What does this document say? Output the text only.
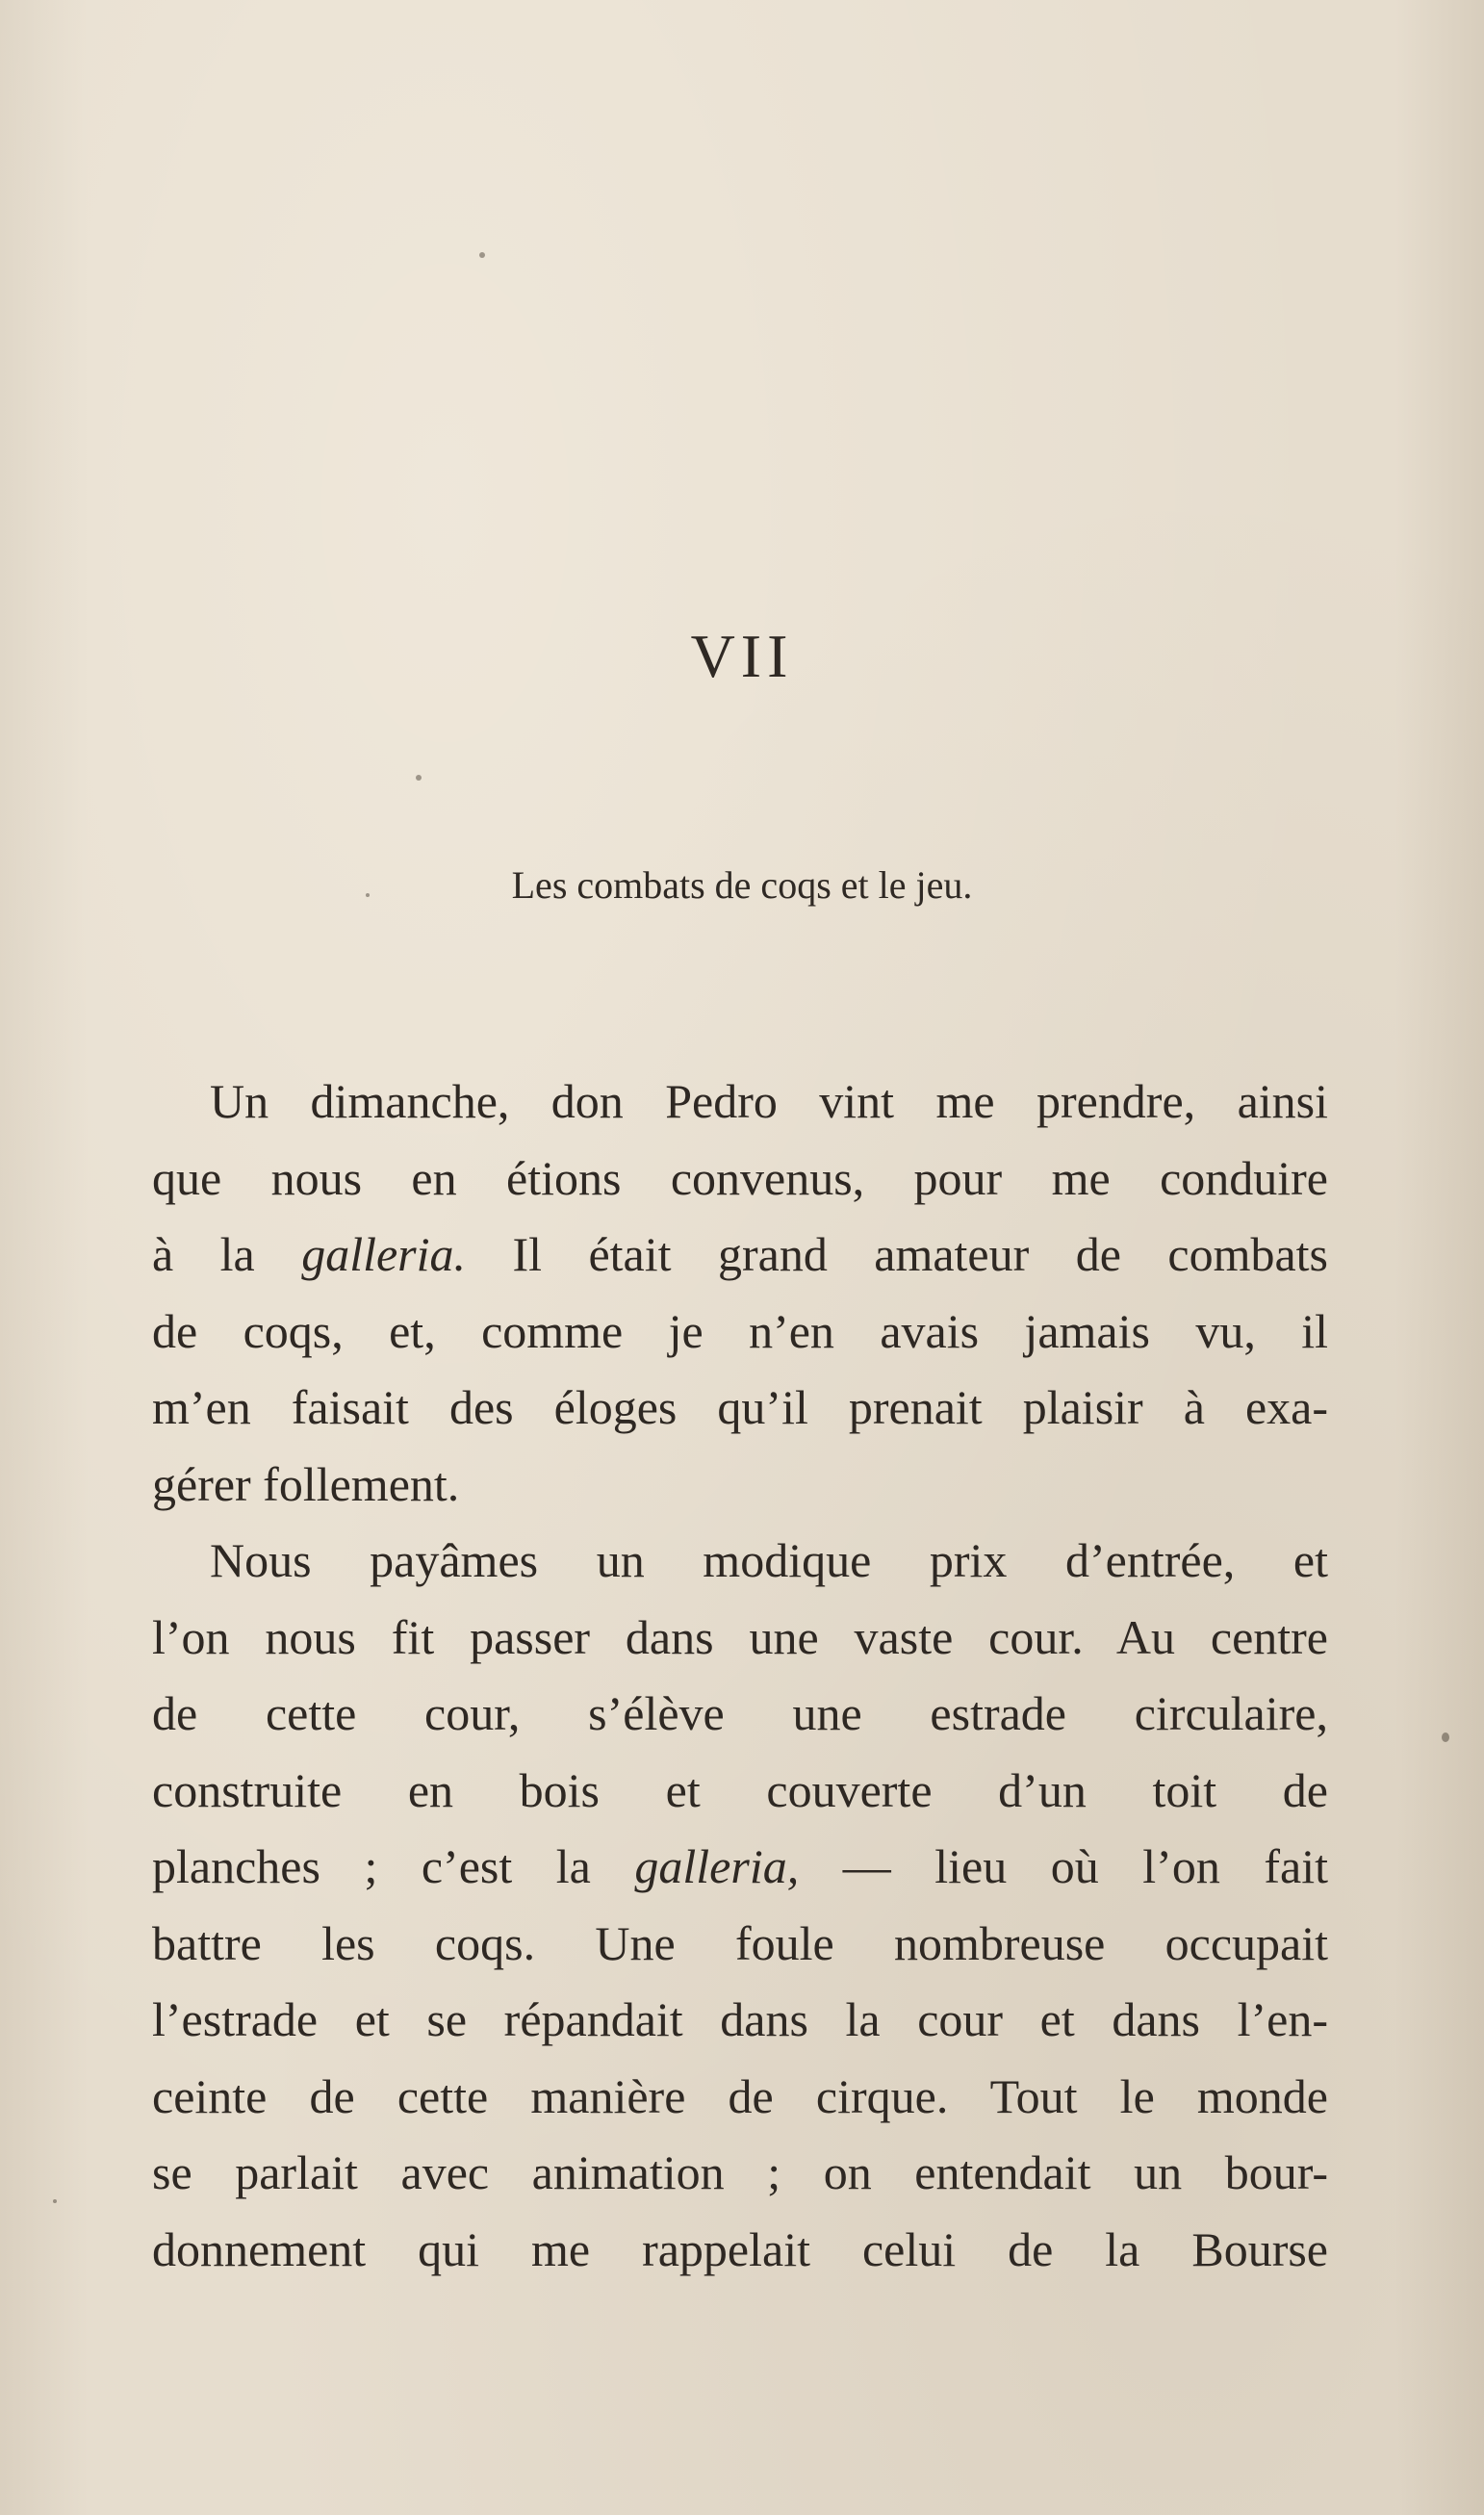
VII
Les combats de coqs et le jeu.
Un dimanche, don Pedro vint me prendre, ainsi
que nous en étions convenus, pour me conduire
à la galleria. Il était grand amateur de combats
de coqs, et, comme je n’en avais jamais vu, il
m’en faisait des éloges qu’il prenait plaisir à exa-
gérer follement.
Nous payâmes un modique prix d’entrée, et
l’on nous fit passer dans une vaste cour. Au centre
de cette cour, s’élève une estrade circulaire,
construite en bois et couverte d’un toit de
planches ; c’est la galleria, — lieu où l’on fait
battre les coqs. Une foule nombreuse occupait
l’estrade et se répandait dans la cour et dans l’en-
ceinte de cette manière de cirque. Tout le monde
se parlait avec animation ; on entendait un bour-
donnement qui me rappelait celui de la Bourse
